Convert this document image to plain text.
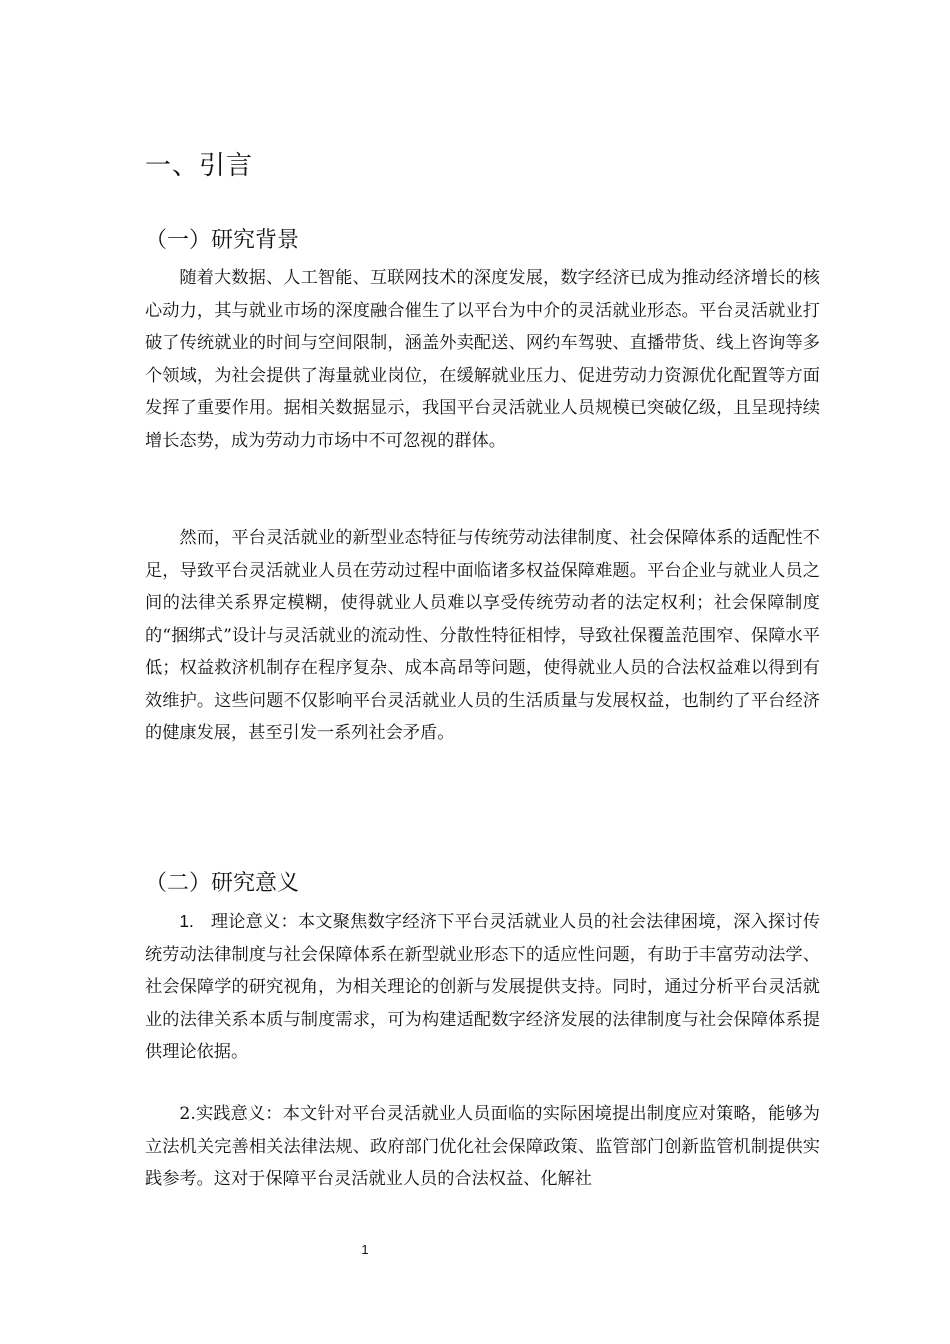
一、引言
（一）研究背景

随着大数据、人工智能、互联网技术的深度发展，数字经济已成为推动经济增长的核心动力，其与就业市场的深度融合催生了以平台为中介的灵活就业形态。平台灵活就业打破了传统就业的时间与空间限制，涵盖外卖配送、网约车驾驶、直播带货、线上咨询等多个领域，为社会提供了海量就业岗位，在缓解就业压力、促进劳动力资源优化配置等方面发挥了重要作用。据相关数据显示，我国平台灵活就业人员规模已突破亿级，且呈现持续增长态势，成为劳动力市场中不可忽视的群体。

然而，平台灵活就业的新型业态特征与传统劳动法律制度、社会保障体系的适配性不足，导致平台灵活就业人员在劳动过程中面临诸多权益保障难题。平台企业与就业人员之间的法律关系界定模糊，使得就业人员难以享受传统劳动者的法定权利；社会保障制度的“捆绑式”设计与灵活就业的流动性、分散性特征相悖，导致社保覆盖范围窄、保障水平低；权益救济机制存在程序复杂、成本高昂等问题，使得就业人员的合法权益难以得到有效维护。这些问题不仅影响平台灵活就业人员的生活质量与发展权益，也制约了平台经济的健康发展，甚至引发一系列社会矛盾。

（二）研究意义

1. 理论意义：本文聚焦数字经济下平台灵活就业人员的社会法律困境，深入探讨传统劳动法律制度与社会保障体系在新型就业形态下的适应性问题，有助于丰富劳动法学、社会保障学的研究视角，为相关理论的创新与发展提供支持。同时，通过分析平台灵活就业的法律关系本质与制度需求，可为构建适配数字经济发展的法律制度与社会保障体系提供理论依据。

2.实践意义：本文针对平台灵活就业人员面临的实际困境提出制度应对策略，能够为立法机关完善相关法律法规、政府部门优化社会保障政策、监管部门创新监管机制提供实践参考。这对于保障平台灵活就业人员的合法权益、化解社

1
